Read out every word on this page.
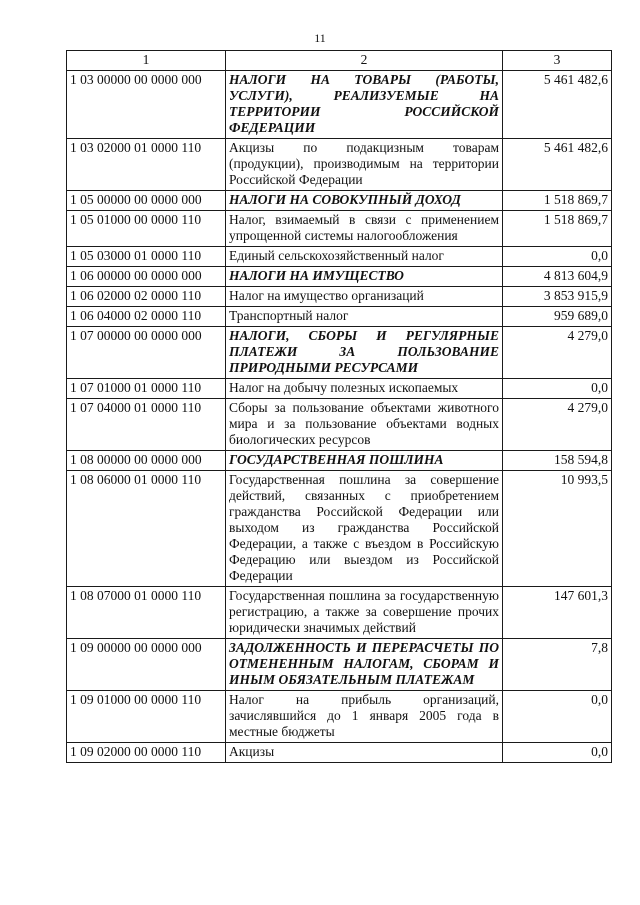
11
1	2	3
1 03 00000 00 0000 000	НАЛОГИ НА ТОВАРЫ (РАБОТЫ, УСЛУГИ), РЕАЛИЗУЕМЫЕ НА ТЕРРИТОРИИ РОССИЙСКОЙ ФЕДЕРАЦИИ	5 461 482,6
1 03 02000 01 0000 110	Акцизы по подакцизным товарам (продукции), производимым на территории Российской Федерации	5 461 482,6
1 05 00000 00 0000 000	НАЛОГИ НА СОВОКУПНЫЙ ДОХОД	1 518 869,7
1 05 01000 00 0000 110	Налог, взимаемый в связи с применением упрощенной системы налогообложения	1 518 869,7
1 05 03000 01 0000 110	Единый сельскохозяйственный налог	0,0
1 06 00000 00 0000 000	НАЛОГИ НА ИМУЩЕСТВО	4 813 604,9
1 06 02000 02 0000 110	Налог на имущество организаций	3 853 915,9
1 06 04000 02 0000 110	Транспортный налог	959 689,0
1 07 00000 00 0000 000	НАЛОГИ, СБОРЫ И РЕГУЛЯРНЫЕ ПЛАТЕЖИ ЗА ПОЛЬЗОВАНИЕ ПРИРОДНЫМИ РЕСУРСАМИ	4 279,0
1 07 01000 01 0000 110	Налог на добычу полезных ископаемых	0,0
1 07 04000 01 0000 110	Сборы за пользование объектами животного мира и за пользование объектами водных биологических ресурсов	4 279,0
1 08 00000 00 0000 000	ГОСУДАРСТВЕННАЯ ПОШЛИНА	158 594,8
1 08 06000 01 0000 110	Государственная пошлина за совершение действий, связанных с приобретением гражданства Российской Федерации или выходом из гражданства Российской Федерации, а также с въездом в Российскую Федерацию или выездом из Российской Федерации	10 993,5
1 08 07000 01 0000 110	Государственная пошлина за государственную регистрацию, а также за совершение прочих юридически значимых действий	147 601,3
1 09 00000 00 0000 000	ЗАДОЛЖЕННОСТЬ И ПЕРЕРАСЧЕТЫ ПО ОТМЕНЕННЫМ НАЛОГАМ, СБОРАМ И ИНЫМ ОБЯЗАТЕЛЬНЫМ ПЛАТЕЖАМ	7,8
1 09 01000 00 0000 110	Налог на прибыль организаций, зачислявшийся до 1 января 2005 года в местные бюджеты	0,0
1 09 02000 00 0000 110	Акцизы	0,0
